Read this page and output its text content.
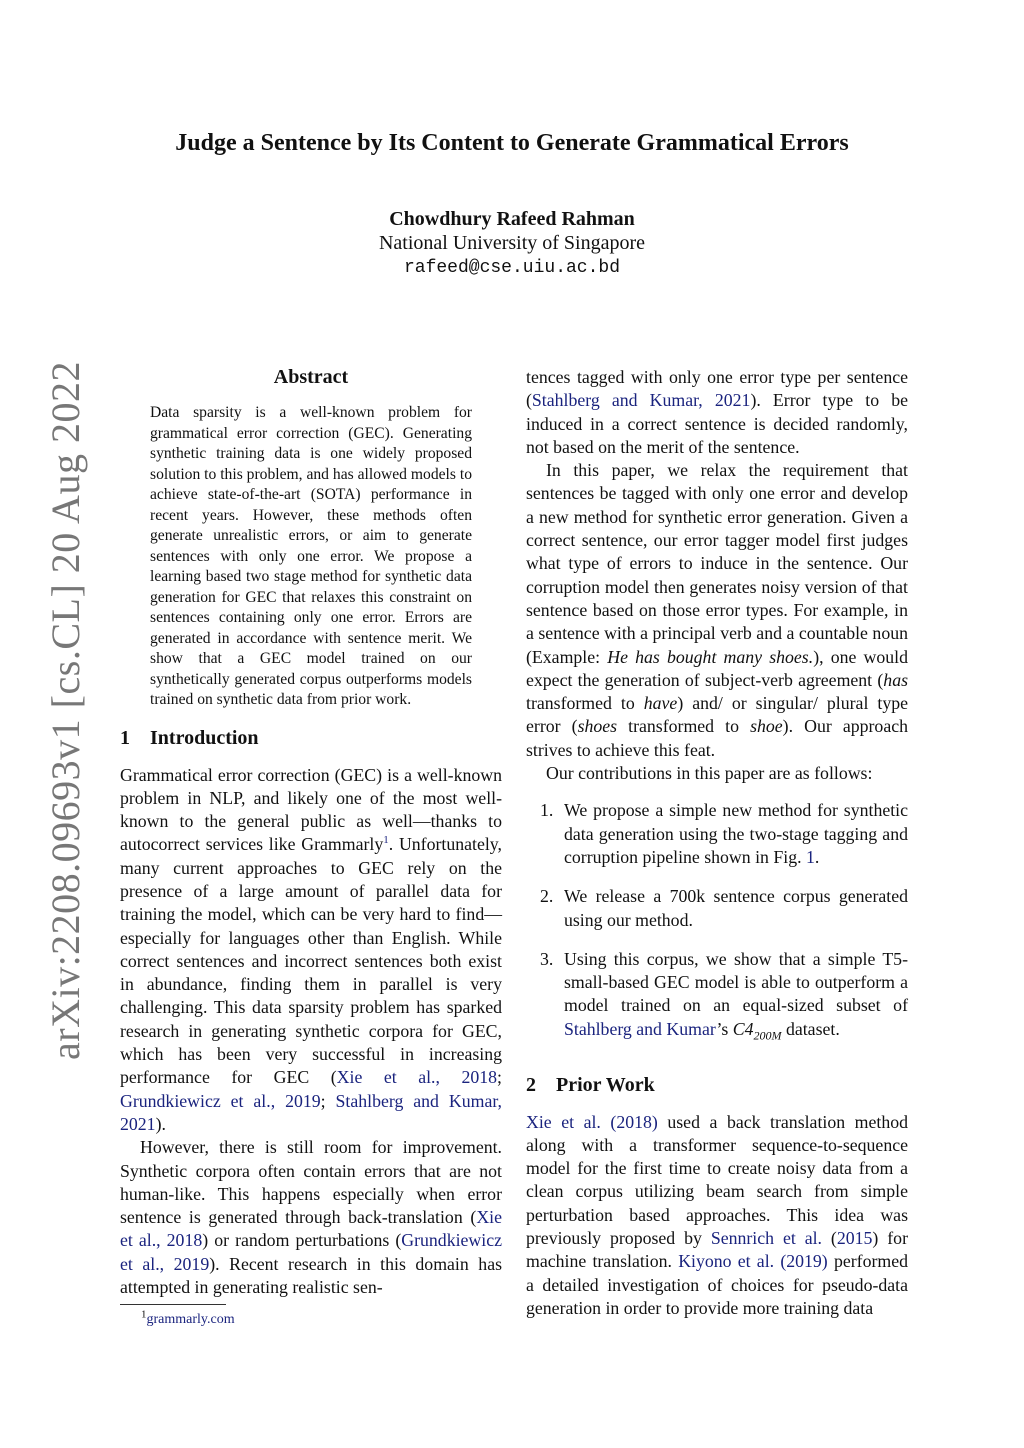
arXiv:2208.09693v1 [cs.CL] 20 Aug 2022
Judge a Sentence by Its Content to Generate Grammatical Errors
Chowdhury Rafeed Rahman
National University of Singapore
rafeed@cse.uiu.ac.bd
Abstract
Data sparsity is a well-known problem for grammatical error correction (GEC). Generating synthetic training data is one widely proposed solution to this problem, and has allowed models to achieve state-of-the-art (SOTA) performance in recent years. However, these methods often generate unrealistic errors, or aim to generate sentences with only one error. We propose a learning based two stage method for synthetic data generation for GEC that relaxes this constraint on sentences containing only one error. Errors are generated in accordance with sentence merit. We show that a GEC model trained on our synthetically generated corpus outperforms models trained on synthetic data from prior work.
1 Introduction

Grammatical error correction (GEC) is a well-known problem in NLP, and likely one of the most well-known to the general public as well—thanks to autocorrect services like Grammarly$^1$. Unfortunately, many current approaches to GEC rely on the presence of a large amount of parallel data for training the model, which can be very hard to find—especially for languages other than English. While correct sentences and incorrect sentences both exist in abundance, finding them in parallel is very challenging. This data sparsity problem has sparked research in generating synthetic corpora for GEC, which has been very successful in increasing performance for GEC (Xie et al., 2018; Grundkiewicz et al., 2019; Stahlberg and Kumar, 2021).

However, there is still room for improvement. Synthetic corpora often contain errors that are not human-like. This happens especially when error sentence is generated through back-translation (Xie et al., 2018) or random perturbations (Grundkiewicz et al., 2019). Recent research in this domain has attempted in generating realistic sen-

$^1$grammarly.com

tences tagged with only one error type per sentence (Stahlberg and Kumar, 2021). Error type to be induced in a correct sentence is decided randomly, not based on the merit of the sentence.

In this paper, we relax the requirement that sentences be tagged with only one error and develop a new method for synthetic error generation. Given a correct sentence, our error tagger model first judges what type of errors to induce in the sentence. Our corruption model then generates noisy version of that sentence based on those error types. For example, in a sentence with a principal verb and a countable noun (Example: He has bought many shoes.), one would expect the generation of subject-verb agreement (has transformed to have) and/ or singular/ plural type error (shoes transformed to shoe). Our approach strives to achieve this feat.

Our contributions in this paper are as follows:

1. We propose a simple new method for synthetic data generation using the two-stage tagging and corruption pipeline shown in Fig. 1.
2. We release a 700k sentence corpus generated using our method.
3. Using this corpus, we show that a simple T5-small-based GEC model is able to outperform a model trained on an equal-sized subset of Stahlberg and Kumar’s $C4_{200M}$ dataset.
2 Prior Work

Xie et al. (2018) used a back translation method along with a transformer sequence-to-sequence model for the first time to create noisy data from a clean corpus utilizing beam search from simple perturbation based approaches. This idea was previously proposed by Sennrich et al. (2015) for machine translation. Kiyono et al. (2019) performed a detailed investigation of choices for pseudo-data generation in order to provide more training data
